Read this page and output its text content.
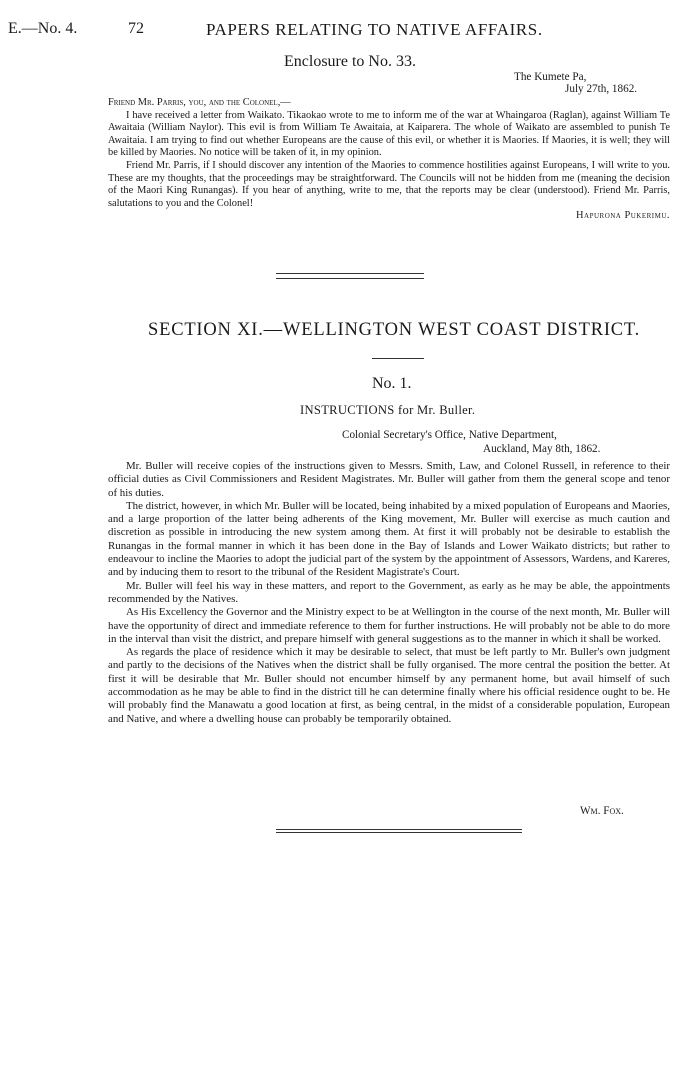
E.—No. 4.	72	PAPERS RELATING TO NATIVE AFFAIRS.
Enclosure to No. 33.
The Kumete Pa,
July 27th, 1862.

Friend Mr. Parris, you, and the Colonel,—

I have received a letter from Waikato. Tikaokao wrote to me to inform me of the war at Whaingaroa (Raglan), against William Te Awaitaia (William Naylor). This evil is from William Te Awaitaia, at Kaiparera. The whole of Waikato are assembled to punish Te Awaitaia. I am trying to find out whether Europeans are the cause of this evil, or whether it is Maories. If Maories, it is well; they will be killed by Maories. No notice will be taken of it, in my opinion.

Friend Mr. Parris, if I should discover any intention of the Maories to commence hostilities against Europeans, I will write to you. These are my thoughts, that the proceedings may be straightforward. The Councils will not be hidden from me (meaning the decision of the Maori King Runangas). If you hear of anything, write to me, that the reports may be clear (understood). Friend Mr. Parris, salutations to you and the Colonel!

Hapurona Pukerimu.

SECTION XI.—WELLINGTON WEST COAST DISTRICT.
No. 1.
INSTRUCTIONS for Mr. Buller.
Colonial Secretary's Office, Native Department,
Auckland, May 8th, 1862.

Mr. Buller will receive copies of the instructions given to Messrs. Smith, Law, and Colonel Russell, in reference to their official duties as Civil Commissioners and Resident Magistrates. Mr. Buller will gather from them the general scope and tenor of his duties.

The district, however, in which Mr. Buller will be located, being inhabited by a mixed population of Europeans and Maories, and a large proportion of the latter being adherents of the King movement, Mr. Buller will exercise as much caution and discretion as possible in introducing the new system among them. At first it will probably not be desirable to establish the Runangas in the formal manner in which it has been done in the Bay of Islands and Lower Waikato districts; but rather to endeavour to incline the Maories to adopt the judicial part of the system by the appointment of Assessors, Wardens, and Kareres, and by inducing them to resort to the tribunal of the Resident Magistrate's Court.

Mr. Buller will feel his way in these matters, and report to the Government, as early as he may be able, the appointments recommended by the Natives.

As His Excellency the Governor and the Ministry expect to be at Wellington in the course of the next month, Mr. Buller will have the opportunity of direct and immediate reference to them for further instructions. He will probably not be able to do more in the interval than visit the district, and prepare himself with general suggestions as to the manner in which it shall be worked.

As regards the place of residence which it may be desirable to select, that must be left partly to Mr. Buller's own judgment and partly to the decisions of the Natives when the district shall be fully organised. The more central the position the better. At first it will be desirable that Mr. Buller should not encumber himself by any permanent home, but avail himself of such accommodation as he may be able to find in the district till he can determine finally where his official residence ought to be. He will probably find the Manawatu a good location at first, as being central, in the midst of a considerable population, European and Native, and where a dwelling house can probably be temporarily obtained.

Wm. Fox.
